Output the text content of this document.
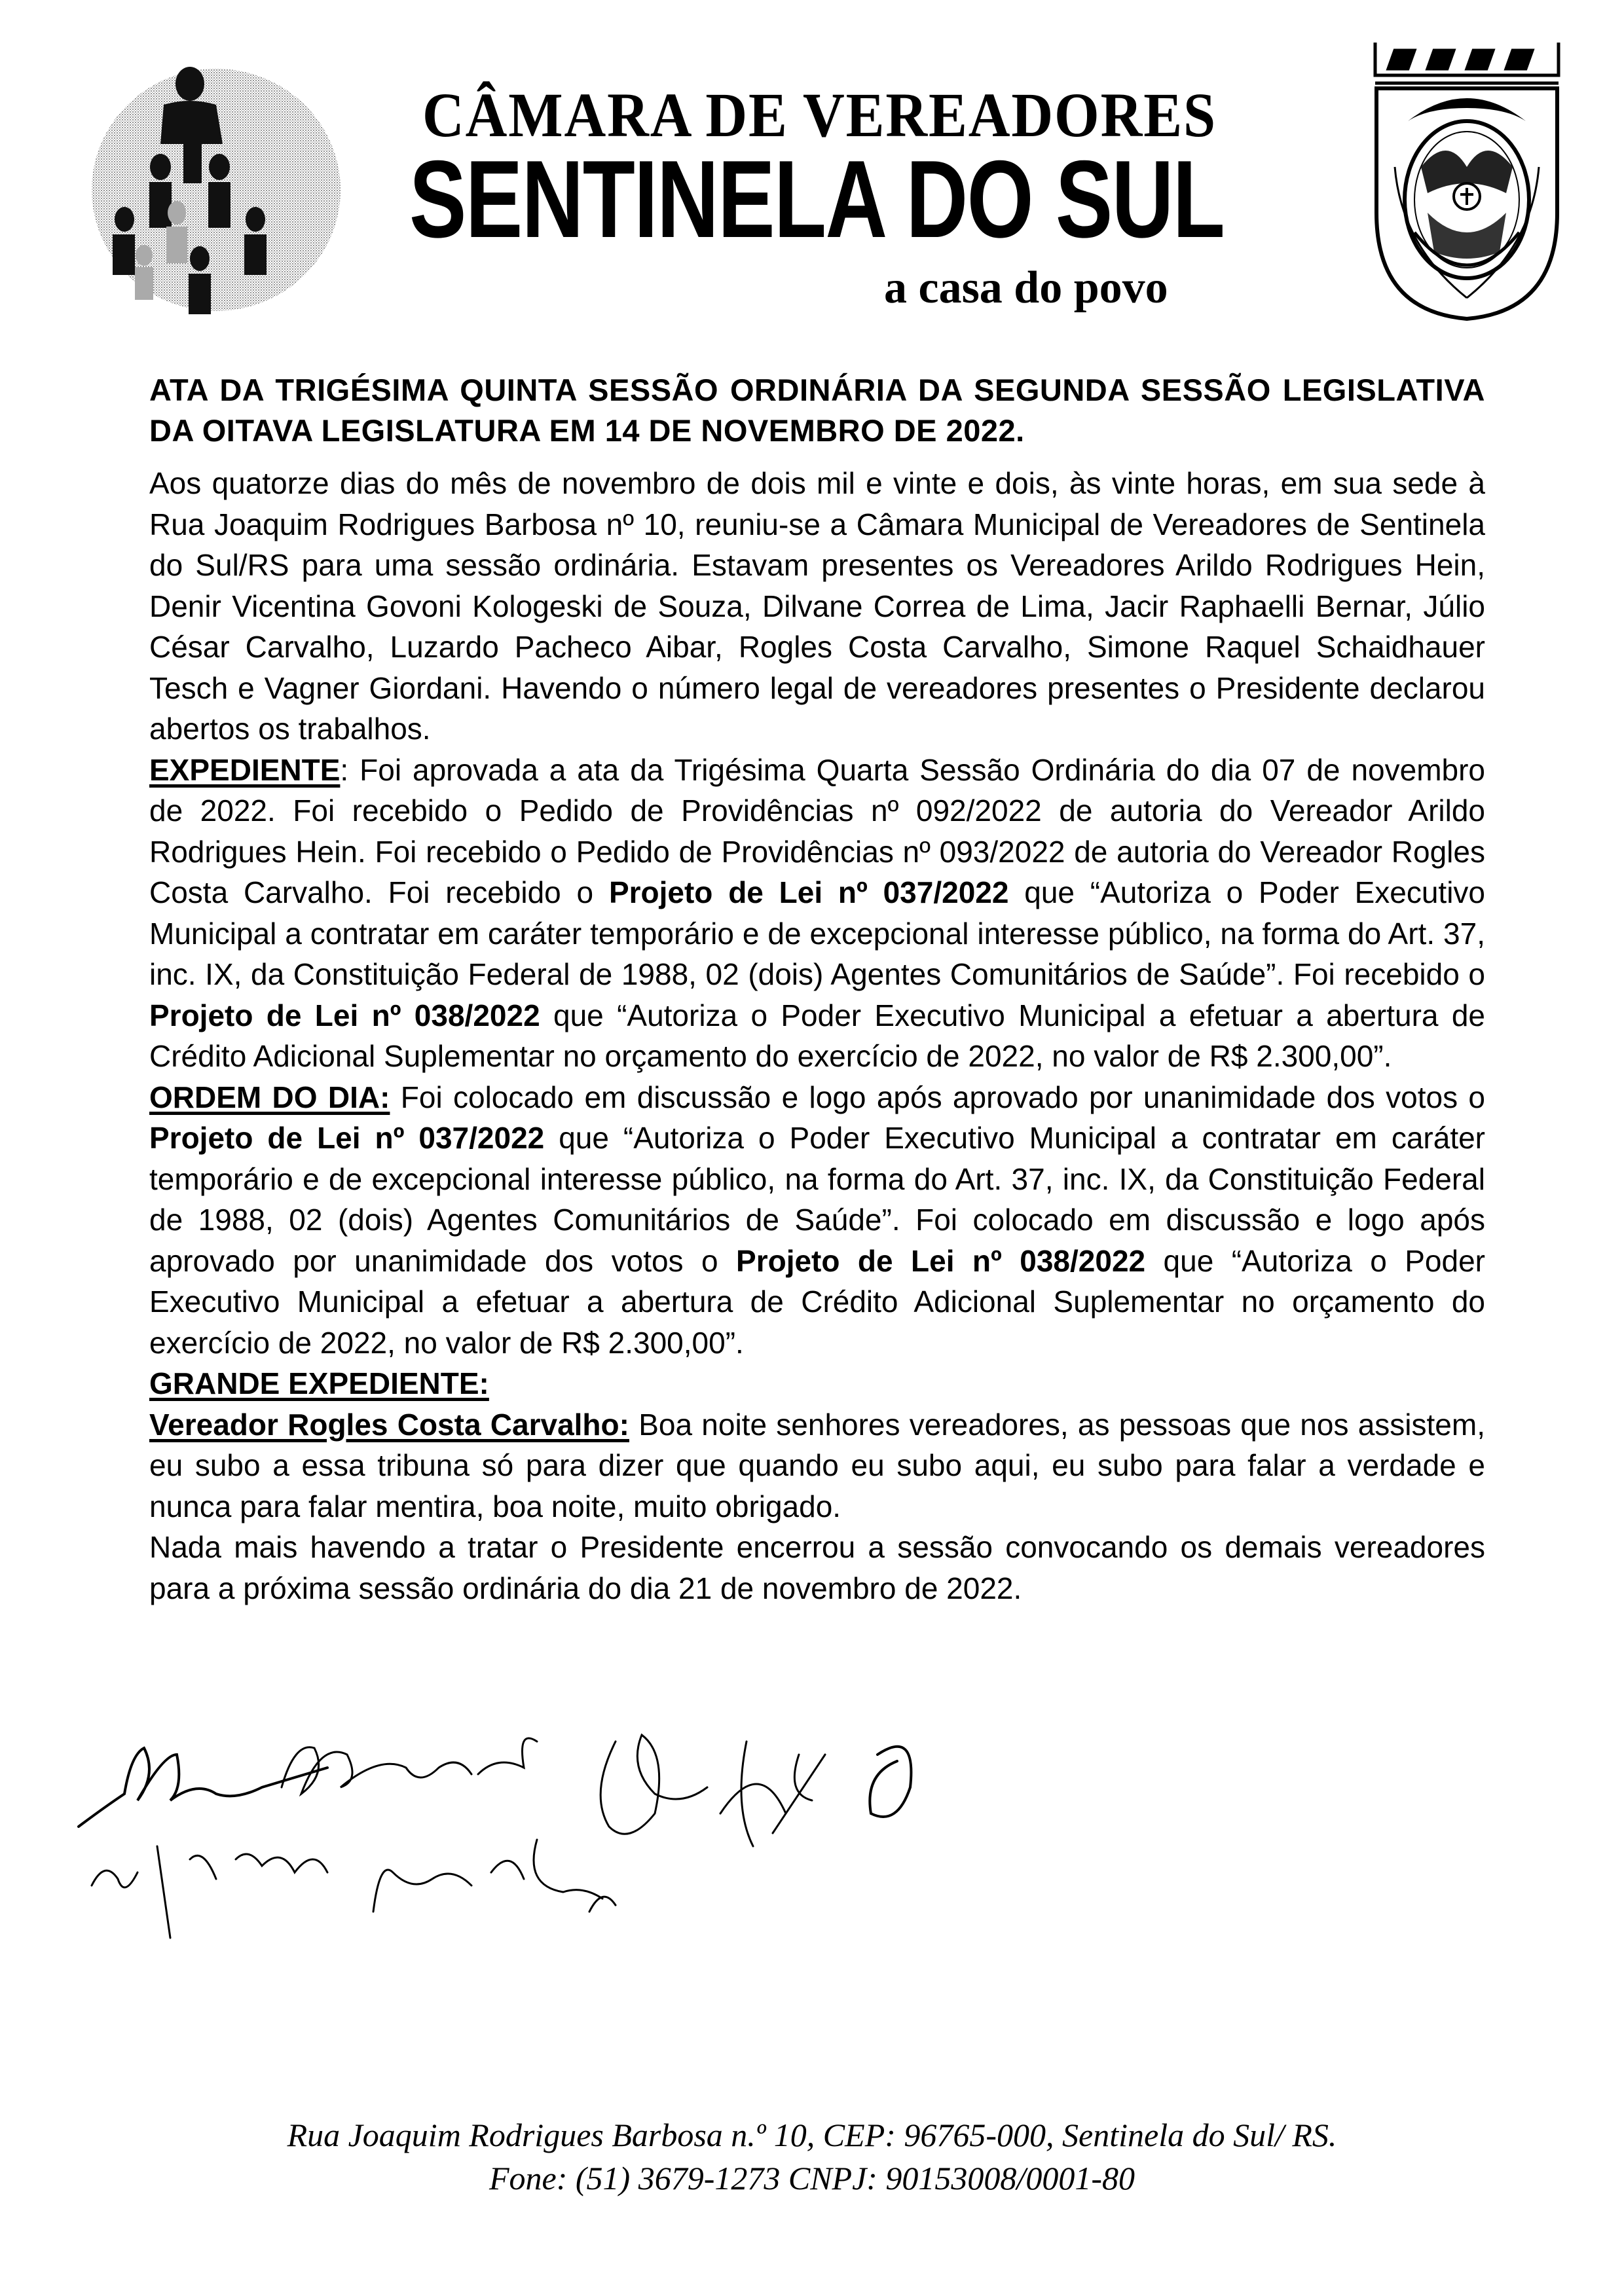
CÂMARA DE VEREADORES
SENTINELA DO SUL
a casa do povo

ATA DA TRIGÉSIMA QUINTA SESSÃO ORDINÁRIA DA SEGUNDA SESSÃO LEGISLATIVA DA OITAVA LEGISLATURA EM 14 DE NOVEMBRO DE 2022.

Aos quatorze dias do mês de novembro de dois mil e vinte e dois, às vinte horas, em sua sede à Rua Joaquim Rodrigues Barbosa nº 10, reuniu-se a Câmara Municipal de Vereadores de Sentinela do Sul/RS para uma sessão ordinária. Estavam presentes os Vereadores Arildo Rodrigues Hein, Denir Vicentina Govoni Kologeski de Souza, Dilvane Correa de Lima, Jacir Raphaelli Bernar, Júlio César Carvalho, Luzardo Pacheco Aibar, Rogles Costa Carvalho, Simone Raquel Schaidhauer Tesch e Vagner Giordani. Havendo o número legal de vereadores presentes o Presidente declarou abertos os trabalhos.

EXPEDIENTE: Foi aprovada a ata da Trigésima Quarta Sessão Ordinária do dia 07 de novembro de 2022. Foi recebido o Pedido de Providências nº 092/2022 de autoria do Vereador Arildo Rodrigues Hein. Foi recebido o Pedido de Providências nº 093/2022 de autoria do Vereador Rogles Costa Carvalho. Foi recebido o Projeto de Lei nº 037/2022 que “Autoriza o Poder Executivo Municipal a contratar em caráter temporário e de excepcional interesse público, na forma do Art. 37, inc. IX, da Constituição Federal de 1988, 02 (dois) Agentes Comunitários de Saúde”. Foi recebido o Projeto de Lei nº 038/2022 que “Autoriza o Poder Executivo Municipal a efetuar a abertura de Crédito Adicional Suplementar no orçamento do exercício de 2022, no valor de R$ 2.300,00”.

ORDEM DO DIA: Foi colocado em discussão e logo após aprovado por unanimidade dos votos o Projeto de Lei nº 037/2022 que “Autoriza o Poder Executivo Municipal a contratar em caráter temporário e de excepcional interesse público, na forma do Art. 37, inc. IX, da Constituição Federal de 1988, 02 (dois) Agentes Comunitários de Saúde”. Foi colocado em discussão e logo após aprovado por unanimidade dos votos o Projeto de Lei nº 038/2022 que “Autoriza o Poder Executivo Municipal a efetuar a abertura de Crédito Adicional Suplementar no orçamento do exercício de 2022, no valor de R$ 2.300,00”.

GRANDE EXPEDIENTE:

Vereador Rogles Costa Carvalho: Boa noite senhores vereadores, as pessoas que nos assistem, eu subo a essa tribuna só para dizer que quando eu subo aqui, eu subo para falar a verdade e nunca para falar mentira, boa noite, muito obrigado.

Nada mais havendo a tratar o Presidente encerrou a sessão convocando os demais vereadores para a próxima sessão ordinária do dia 21 de novembro de 2022.

Rua Joaquim Rodrigues Barbosa n.º 10, CEP: 96765-000, Sentinela do Sul/ RS.
Fone: (51) 3679-1273 CNPJ: 90153008/0001-80
